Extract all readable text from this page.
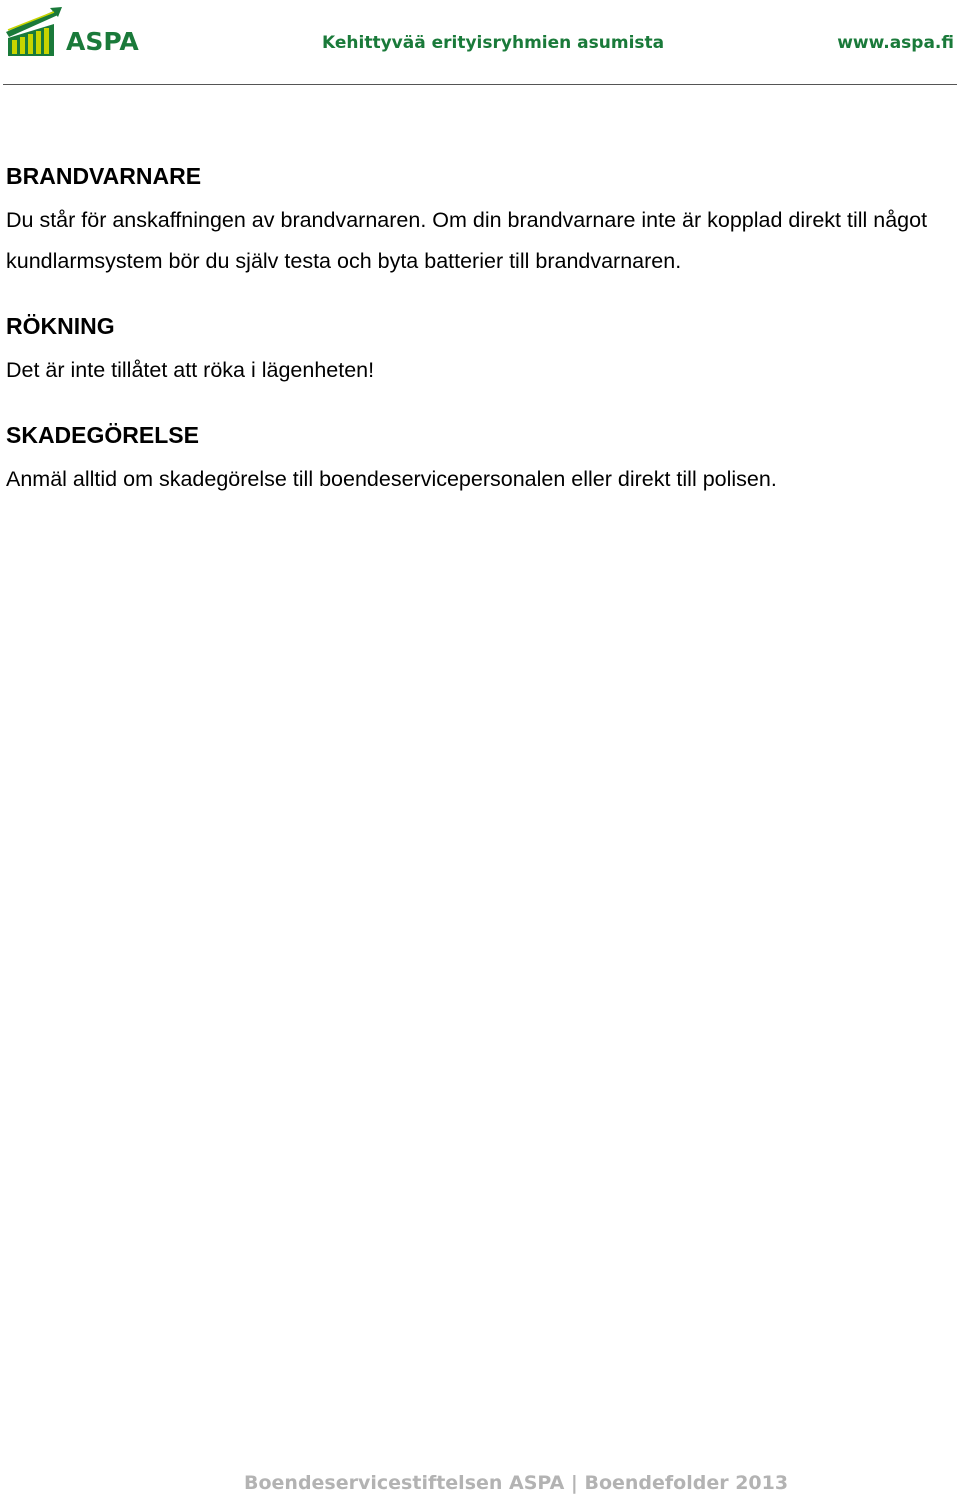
ASPA	Kehittyvää erityisryhmien asumista	www.aspa.fi
BRANDVARNARE

Du står för anskaffningen av brandvarnaren. Om din brandvarnare inte är kopplad direkt till något kundlarmsystem bör du själv testa och byta batterier till brandvarnaren.

RÖKNING

Det är inte tillåtet att röka i lägenheten!

SKADEGÖRELSE

Anmäl alltid om skadegörelse till boendeservicepersonalen eller direkt till polisen.

Boendeservicestiftelsen ASPA | Boendefolder 2013
